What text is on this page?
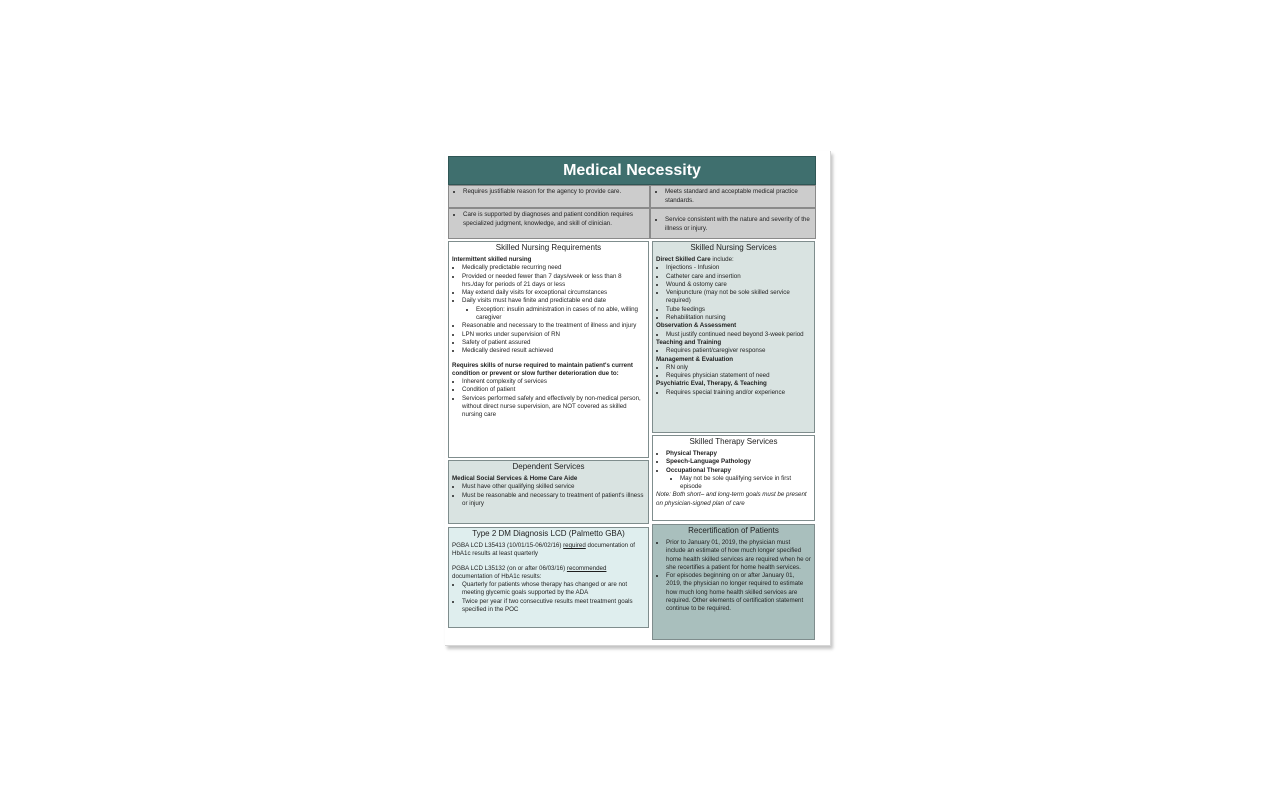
Medical Necessity
• Requires justifiable reason for the agency to provide care.	• Meets standard and acceptable medical practice standards.
• Care is supported by diagnoses and patient condition requires specialized judgment, knowledge, and skill of clinician.	• Service consistent with the nature and severity of the illness or injury.
Skilled Nursing Requirements
Intermittent skilled nursing
• Medically predictable recurring need
• Provided or needed fewer than 7 days/week or less than 8 hrs./day for periods of 21 days or less
• May extend daily visits for exceptional circumstances
• Daily visits must have finite and predictable end date
• Exception: insulin administration in cases of no able, willing caregiver
• Reasonable and necessary to the treatment of illness and injury
• LPN works under supervision of RN
• Safety of patient assured
• Medically desired result achieved
Requires skills of nurse required to maintain patient's current condition or prevent or slow further deterioration due to:
• Inherent complexity of services
• Condition of patient
• Services performed safely and effectively by non-medical person, without direct nurse supervision, are NOT covered as skilled nursing care
Skilled Nursing Services
Direct Skilled Care include:
• Injections - Infusion
• Catheter care and insertion
• Wound & ostomy care
• Venipuncture (may not be sole skilled service required)
• Tube feedings
• Rehabilitation nursing
Observation & Assessment
• Must justify continued need beyond 3-week period
Teaching and Training
• Requires patient/caregiver response
Management & Evaluation
• RN only
• Requires physician statement of need
Psychiatric Eval, Therapy, & Teaching
• Requires special training and/or experience
Skilled Therapy Services
• Physical Therapy
• Speech-Language Pathology
• Occupational Therapy
• May not be sole qualifying service in first episode
Note: Both short– and long-term goals must be present on physician-signed plan of care
Dependent Services
Medical Social Services & Home Care Aide
• Must have other qualifying skilled service
• Must be reasonable and necessary to treatment of patient's illness or injury
Type 2 DM Diagnosis LCD (Palmetto GBA)
PGBA LCD L35413 (10/01/15-06/02/16) required documentation of HbA1c results at least quarterly
PGBA LCD L35132 (on or after 06/03/16) recommended documentation of HbA1c results:
• Quarterly for patients whose therapy has changed or are not meeting glycemic goals supported by the ADA
• Twice per year if two consecutive results meet treatment goals specified in the POC
Recertification of Patients
• Prior to January 01, 2019, the physician must include an estimate of how much longer specified home health skilled services are required when he or she recertifies a patient for home health services.
• For episodes beginning on or after January 01, 2019, the physician no longer required to estimate how much long home health skilled services are required. Other elements of certification statement continue to be required.
